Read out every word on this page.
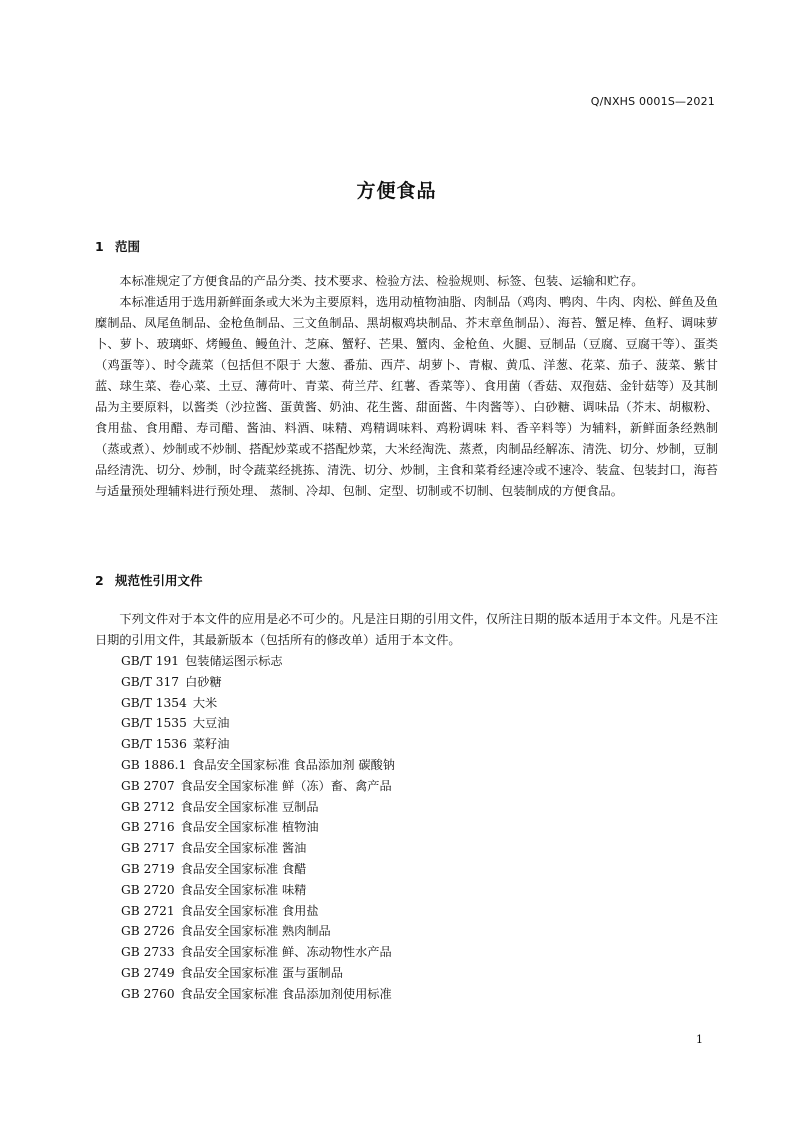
Q/NXHS 0001S—2021
方便食品
1 范围

本标准规定了方便食品的产品分类、技术要求、检验方法、检验规则、标签、包装、运输和贮存。

本标准适用于选用新鲜面条或大米为主要原料，选用动植物油脂、肉制品（鸡肉、鸭肉、牛肉、肉松、鲜鱼及鱼糜制品、凤尾鱼制品、金枪鱼制品、三文鱼制品、黑胡椒鸡块制品、芥末章鱼制品）、海苔、蟹足棒、鱼籽、调味萝卜、萝卜、玻璃虾、烤鳗鱼、鳗鱼汁、芝麻、蟹籽、芒果、蟹肉、金枪鱼、火腿、豆制品（豆腐、豆腐干等）、蛋类（鸡蛋等）、时令蔬菜（包括但不限于 大葱、番茄、西芹、胡萝卜、青椒、黄瓜、洋葱、花菜、茄子、菠菜、紫甘蓝、球生菜、卷心菜、土豆、薄荷叶、青菜、荷兰芹、红薯、香菜等）、食用菌（香菇、双孢菇、金针菇等）及其制品为主要原料，以酱类（沙拉酱、蛋黄酱、奶油、花生酱、甜面酱、牛肉酱等）、白砂糖、调味品（芥末、胡椒粉、食用盐、食用醋、寿司醋、酱油、料酒、味精、鸡精调味料、鸡粉调味 料、香辛料等）为辅料，新鲜面条经熟制（蒸或煮）、炒制或不炒制、搭配炒菜或不搭配炒菜，大米经淘洗、蒸煮，肉制品经解冻、清洗、切分、炒制，豆制品经清洗、切分、炒制，时令蔬菜经挑拣、清洗、切分、炒制，主食和菜肴经速冷或不速冷、装盒、包装封口，海苔与适量预处理辅料进行预处理、 蒸制、冷却、包制、定型、切制或不切制、包装制成的方便食品。

2 规范性引用文件

下列文件对于本文件的应用是必不可少的。凡是注日期的引用文件，仅所注日期的版本适用于本文件。凡是不注日期的引用文件，其最新版本（包括所有的修改单）适用于本文件。

GB/T 191 包装储运图示标志
GB/T 317 白砂糖
GB/T 1354 大米
GB/T 1535 大豆油
GB/T 1536 菜籽油
GB 1886.1 食品安全国家标准 食品添加剂 碳酸钠
GB 2707 食品安全国家标准 鲜（冻）畜、禽产品
GB 2712 食品安全国家标准 豆制品
GB 2716 食品安全国家标准 植物油
GB 2717 食品安全国家标准 酱油
GB 2719 食品安全国家标准 食醋
GB 2720 食品安全国家标准 味精
GB 2721 食品安全国家标准 食用盐
GB 2726 食品安全国家标准 熟肉制品
GB 2733 食品安全国家标准 鲜、冻动物性水产品
GB 2749 食品安全国家标准 蛋与蛋制品
GB 2760 食品安全国家标准 食品添加剂使用标准
1
